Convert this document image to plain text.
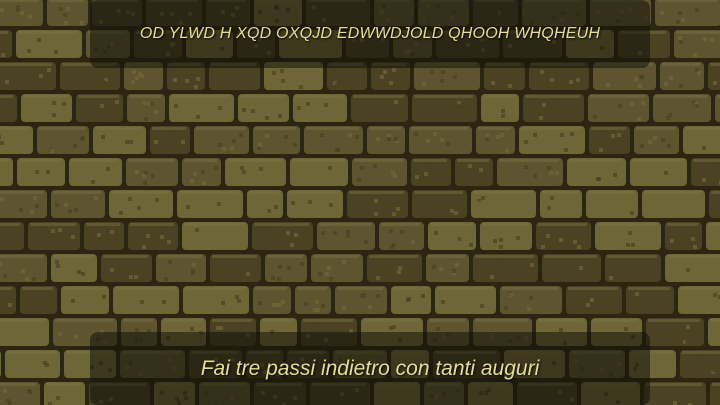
OD YLWD H XQD OXQJD EDWWDJOLD QHOOH WHQHEUH
Fai tre passi indietro con tanti auguri
